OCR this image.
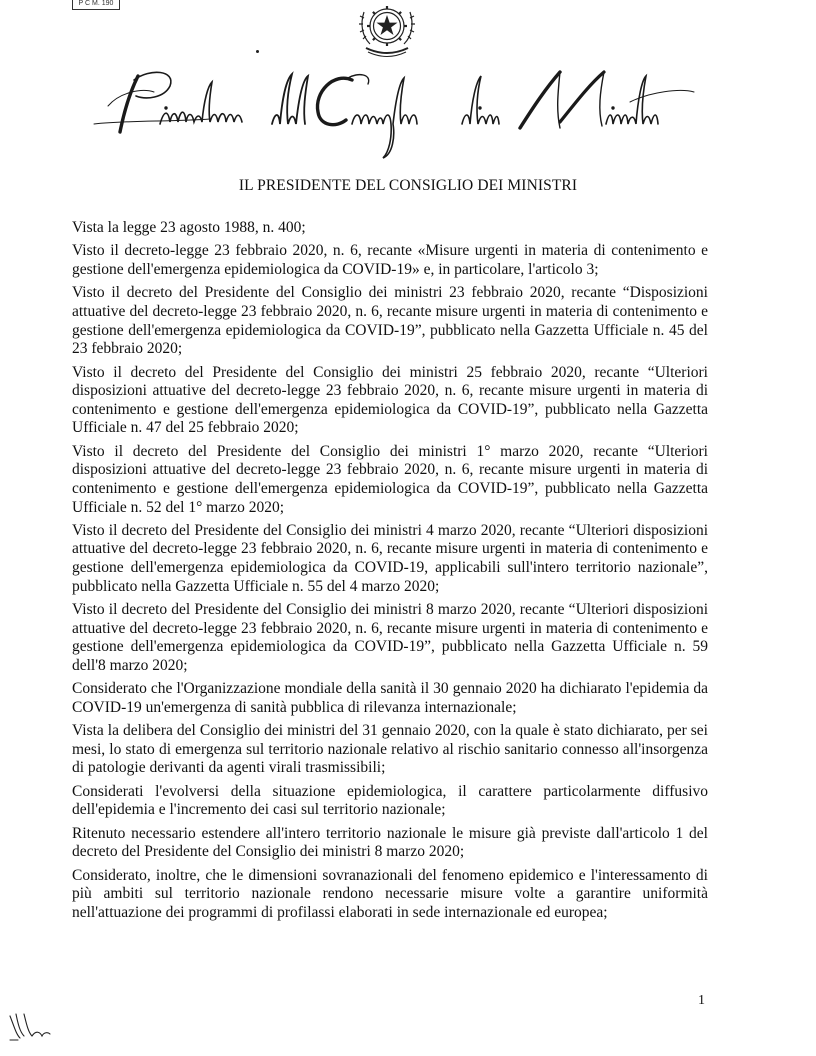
P C M. 190
IL PRESIDENTE DEL CONSIGLIO DEI MINISTRI

Vista la legge 23 agosto 1988, n. 400;

Visto il decreto-legge 23 febbraio 2020, n. 6, recante «Misure urgenti in materia di contenimento e gestione dell'emergenza epidemiologica da COVID-19» e, in particolare, l'articolo 3;

Visto il decreto del Presidente del Consiglio dei ministri 23 febbraio 2020, recante “Disposizioni attuative del decreto-legge 23 febbraio 2020, n. 6, recante misure urgenti in materia di contenimento e gestione dell'emergenza epidemiologica da COVID-19”, pubblicato nella Gazzetta Ufficiale n. 45 del 23 febbraio 2020;

Visto il decreto del Presidente del Consiglio dei ministri 25 febbraio 2020, recante “Ulteriori disposizioni attuative del decreto-legge 23 febbraio 2020, n. 6, recante misure urgenti in materia di contenimento e gestione dell'emergenza epidemiologica da COVID-19”, pubblicato nella Gazzetta Ufficiale n. 47 del 25 febbraio 2020;

Visto il decreto del Presidente del Consiglio dei ministri 1° marzo 2020, recante “Ulteriori disposizioni attuative del decreto-legge 23 febbraio 2020, n. 6, recante misure urgenti in materia di contenimento e gestione dell'emergenza epidemiologica da COVID-19”, pubblicato nella Gazzetta Ufficiale n. 52 del 1° marzo 2020;

Visto il decreto del Presidente del Consiglio dei ministri 4 marzo 2020, recante “Ulteriori disposizioni attuative del decreto-legge 23 febbraio 2020, n. 6, recante misure urgenti in materia di contenimento e gestione dell'emergenza epidemiologica da COVID-19, applicabili sull'intero territorio nazionale”, pubblicato nella Gazzetta Ufficiale n. 55 del 4 marzo 2020;

Visto il decreto del Presidente del Consiglio dei ministri 8 marzo 2020, recante “Ulteriori disposizioni attuative del decreto-legge 23 febbraio 2020, n. 6, recante misure urgenti in materia di contenimento e gestione dell'emergenza epidemiologica da COVID-19”, pubblicato nella Gazzetta Ufficiale n. 59 dell'8 marzo 2020;

Considerato che l'Organizzazione mondiale della sanità il 30 gennaio 2020 ha dichiarato l'epidemia da COVID-19 un'emergenza di sanità pubblica di rilevanza internazionale;

Vista la delibera del Consiglio dei ministri del 31 gennaio 2020, con la quale è stato dichiarato, per sei mesi, lo stato di emergenza sul territorio nazionale relativo al rischio sanitario connesso all'insorgenza di patologie derivanti da agenti virali trasmissibili;

Considerati l'evolversi della situazione epidemiologica, il carattere particolarmente diffusivo dell'epidemia e l'incremento dei casi sul territorio nazionale;

Ritenuto necessario estendere all'intero territorio nazionale le misure già previste dall'articolo 1 del decreto del Presidente del Consiglio dei ministri 8 marzo 2020;

Considerato, inoltre, che le dimensioni sovranazionali del fenomeno epidemico e l'interessamento di più ambiti sul territorio nazionale rendono necessarie misure volte a garantire uniformità nell'attuazione dei programmi di profilassi elaborati in sede internazionale ed europea;

1
